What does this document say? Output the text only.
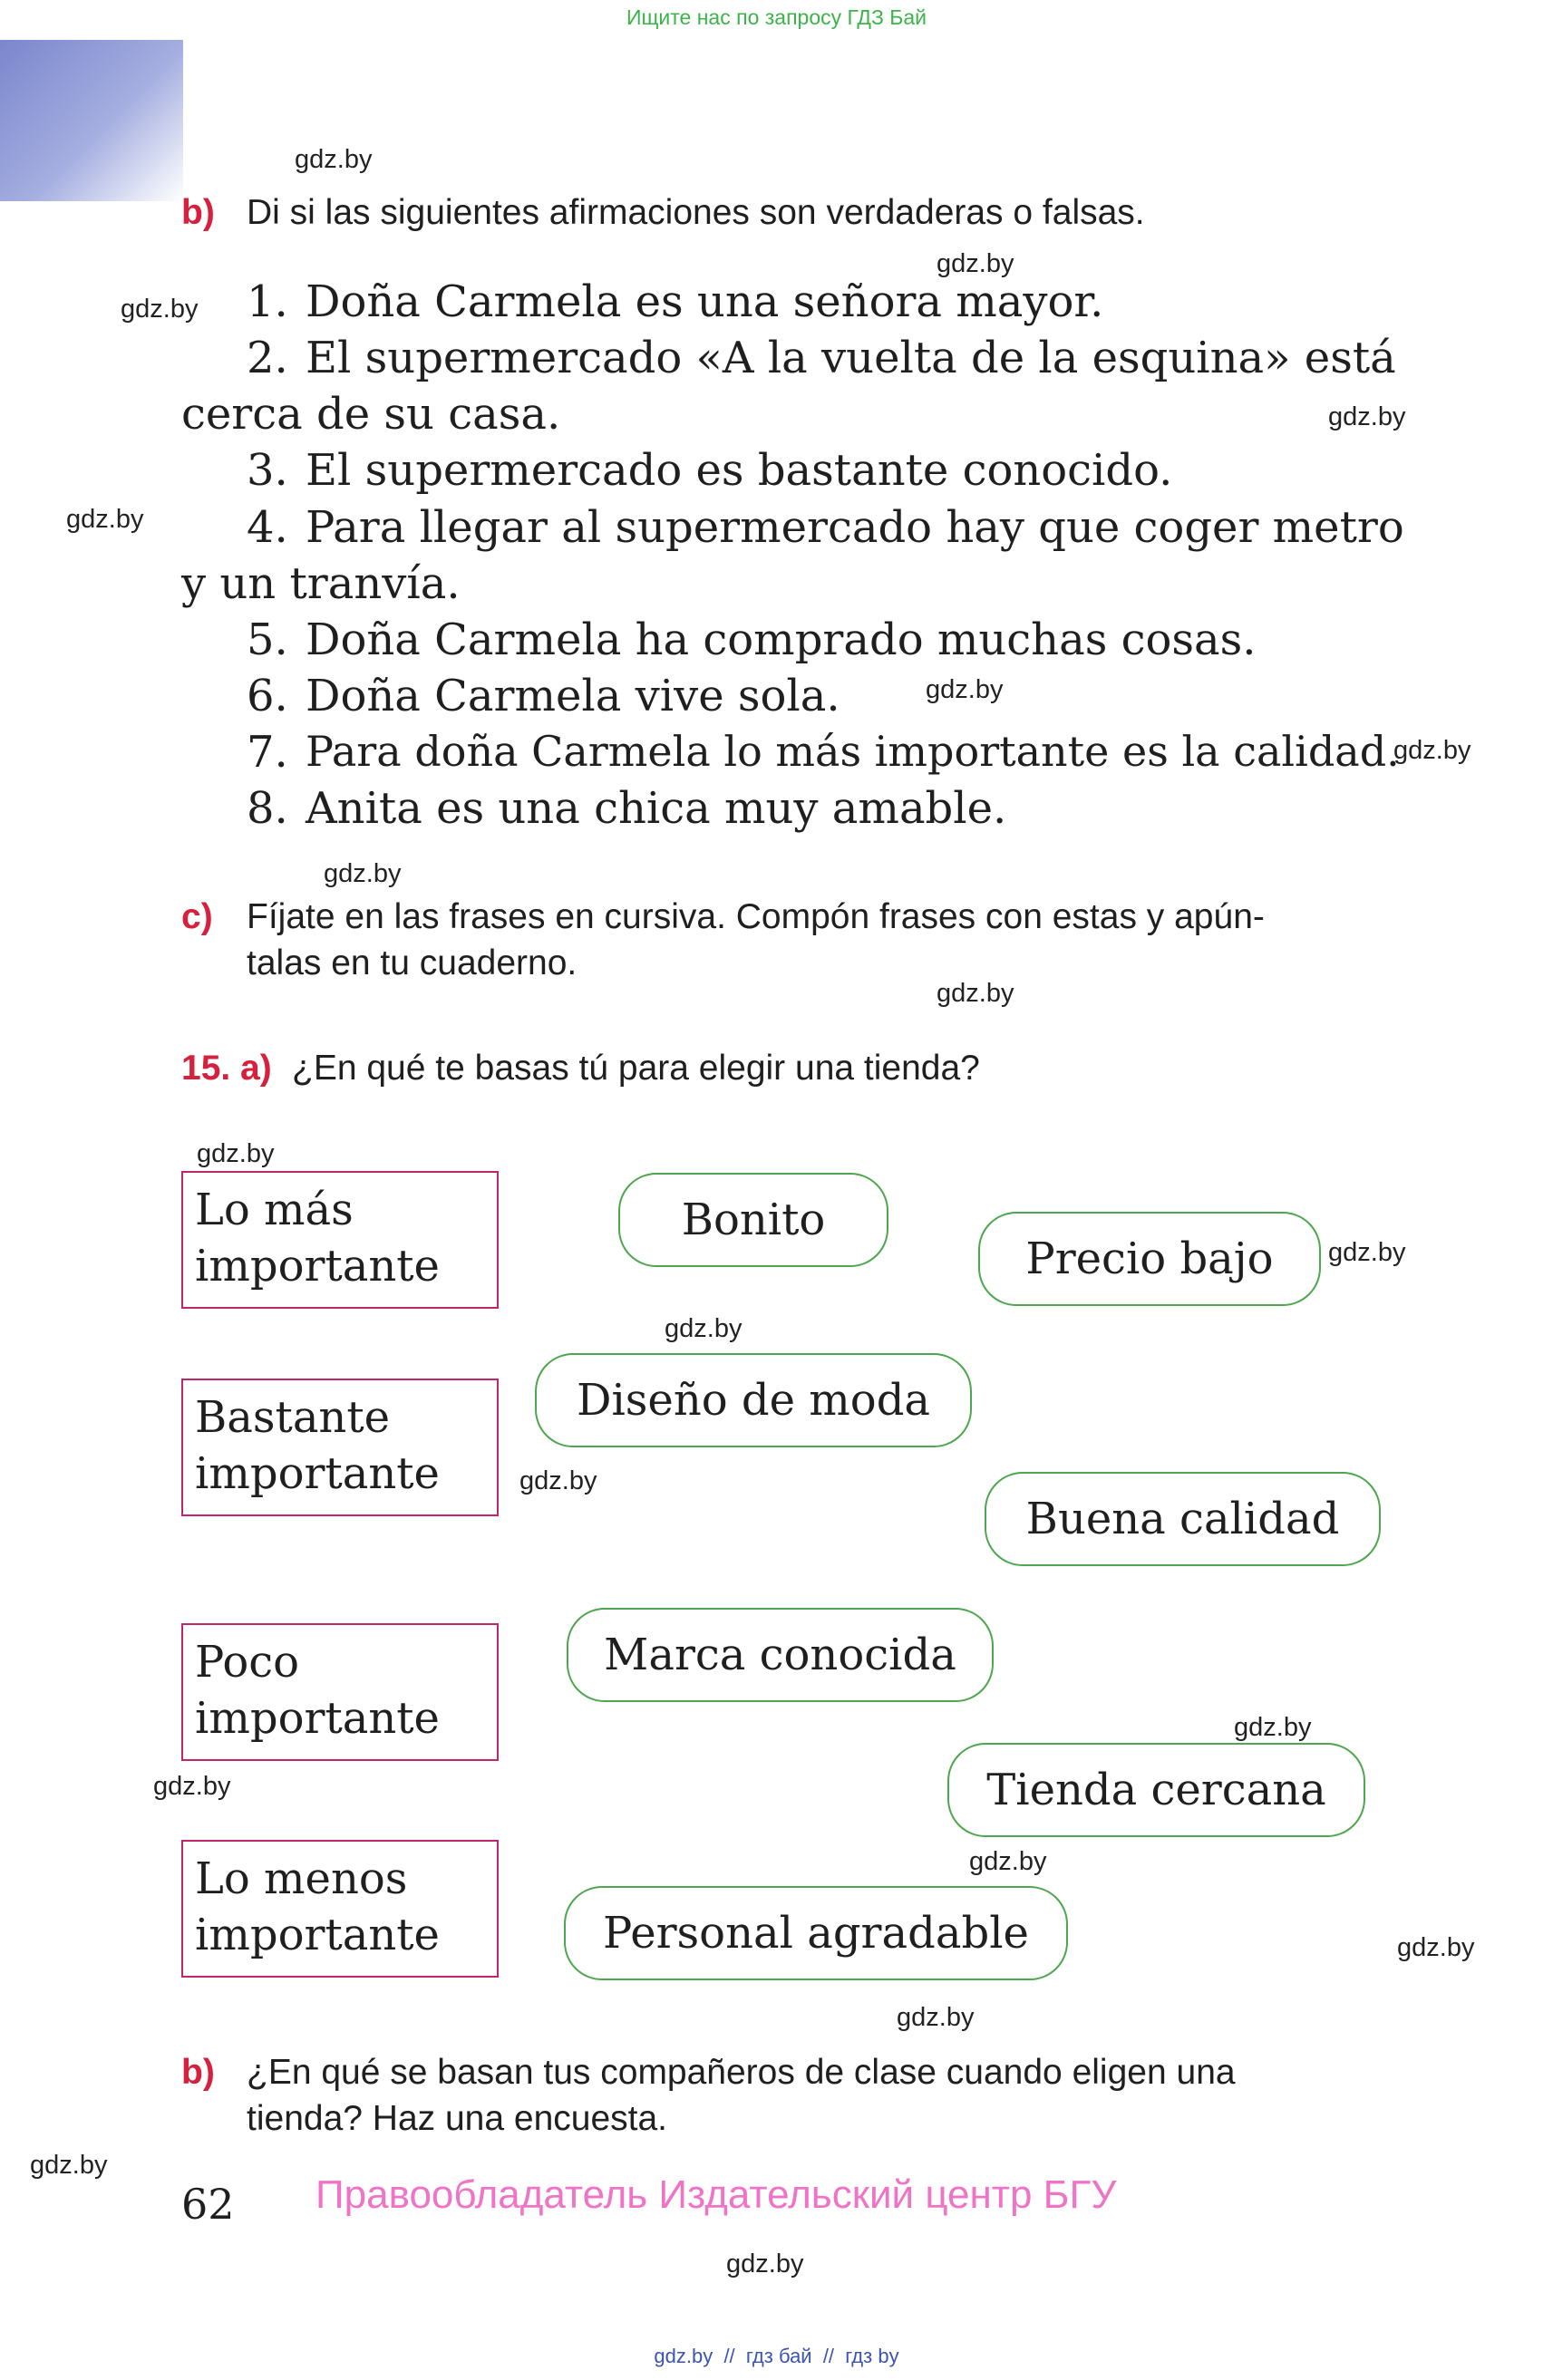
Ищите нас по запросу ГДЗ Бай
gdz.by
gdz.by
gdz.by
gdz.by
gdz.by
gdz.by
gdz.by
gdz.by
gdz.by
gdz.by
gdz.by
gdz.by
gdz.by
gdz.by
gdz.by
gdz.by
gdz.by
gdz.by
gdz.by
gdz.by
b) Di si las siguientes afirmaciones son verdaderas o falsas.
1. Doña Carmela es una señora mayor.
2. El supermercado «A la vuelta de la esquina» está
cerca de su casa.
3. El supermercado es bastante conocido.
4. Para llegar al supermercado hay que coger metro
y un tranvía.
5. Doña Carmela ha comprado muchas cosas.
6. Doña Carmela vive sola.
7. Para doña Carmela lo más importante es la calidad.
8. Anita es una chica muy amable.
c) Fíjate en las frases en cursiva. Compón frases con estas y apún-
talas en tu cuaderno.
15. a) ¿En qué te basas tú para elegir una tienda?
Lo más
importante
Bastante
importante
Poco
importante
Lo menos
importante
Bonito
Precio bajo
Diseño de moda
Buena calidad
Marca conocida
Tienda cercana
Personal agradable
b) ¿En qué se basan tus compañeros de clase cuando eligen una
tienda? Haz una encuesta.
62 Правообладатель Издательский центр БГУ
gdz.by  //  гдз бай  //  гдз by
